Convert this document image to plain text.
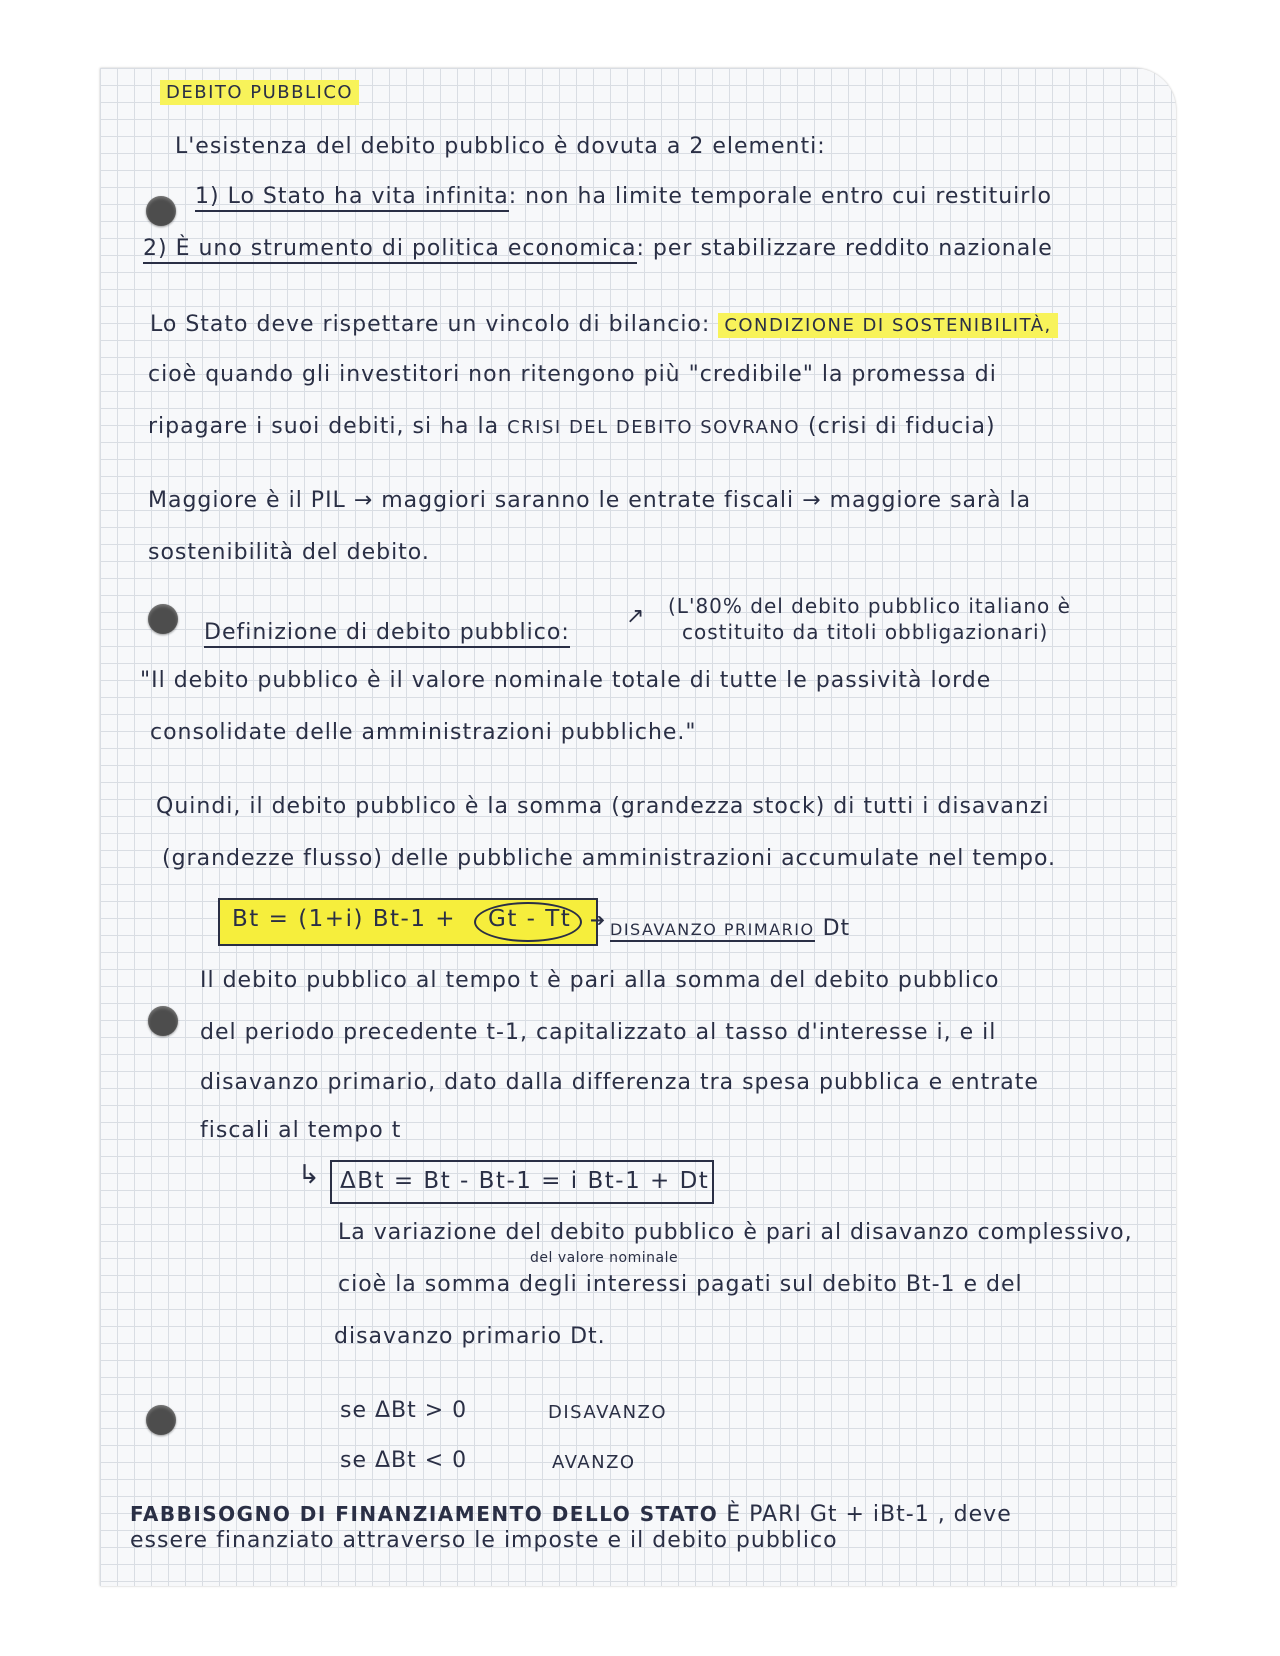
DEBITO PUBBLICO
L'esistenza del debito pubblico è dovuta a 2 elementi:
1) Lo Stato ha vita infinita: non ha limite temporale entro cui restituirlo
2) È uno strumento di politica economica: per stabilizzare reddito nazionale
Lo Stato deve rispettare un vincolo di bilancio: CONDIZIONE DI SOSTENIBILITÀ,
cioè quando gli investitori non ritengono più "credibile" la promessa di
ripagare i suoi debiti, si ha la CRISI DEL DEBITO SOVRANO (crisi di fiducia)
Maggiore è il PIL → maggiori saranno le entrate fiscali → maggiore sarà la
sostenibilità del debito.
(L'80% del debito pubblico italiano è
costituito da titoli obbligazionari)
↗
Definizione di debito pubblico:
"Il debito pubblico è il valore nominale totale di tutte le passività lorde
consolidate delle amministrazioni pubbliche."
Quindi, il debito pubblico è la somma (grandezza stock) di tutti i disavanzi
(grandezze flusso) delle pubbliche amministrazioni accumulate nel tempo.
Bt = (1+i) Bt-1 + Gt - Tt ➔ DISAVANZO PRIMARIO Dt
Il debito pubblico al tempo t è pari alla somma del debito pubblico
del periodo precedente t-1, capitalizzato al tasso d'interesse i, e il
disavanzo primario, dato dalla differenza tra spesa pubblica e entrate
fiscali al tempo t
↳ ΔBt = Bt - Bt-1 = i Bt-1 + Dt
La variazione del debito pubblico è pari al disavanzo complessivo,
del valore nominale
cioè la somma degli interessi pagati sul debito Bt-1 e del
disavanzo primario Dt.
se ΔBt > 0	DISAVANZO
se ΔBt < 0	AVANZO
FABBISOGNO DI FINANZIAMENTO DELLO STATO È PARI Gt + iBt-1 , deve
essere finanziato attraverso le imposte e il debito pubblico
